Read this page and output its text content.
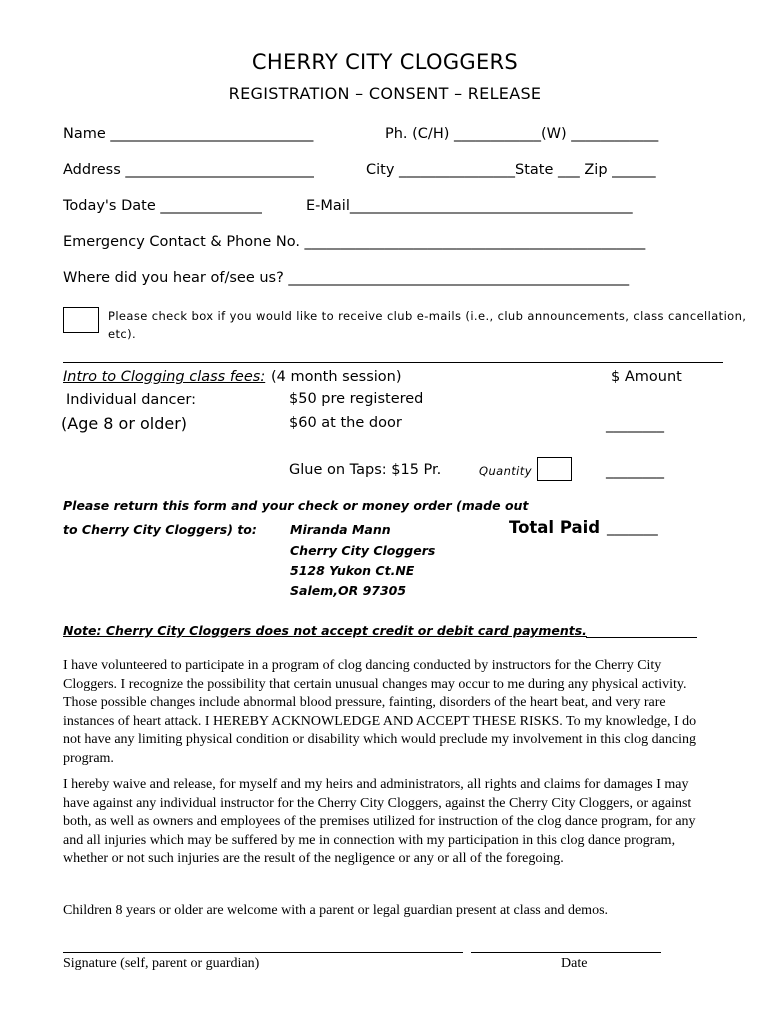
CHERRY CITY CLOGGERS
REGISTRATION – CONSENT – RELEASE
Name ____________________________	Ph. (C/H) ____________(W) ____________
Address __________________________	City ________________State ___ Zip ______
Today's Date ______________	E-Mail_______________________________________
Emergency Contact & Phone No. _______________________________________________
Where did you hear of/see us? _______________________________________________
Please check box if you would like to receive club e-mails (i.e., club announcements, class cancellation,
etc).
Intro to Clogging class fees: (4 month session)	$ Amount
Individual dancer:	$50 pre registered
(Age 8 or older)	$60 at the door	________
Glue on Taps: $15 Pr.	Quantity	________
Please return this form and your check or money order (made out
to Cherry City Cloggers) to:	Miranda Mann
Cherry City Cloggers
5128 Yukon Ct.NE
Salem,OR 97305
Total Paid _______
Note: Cherry City Cloggers does not accept credit or debit card payments.
I have volunteered to participate in a program of clog dancing conducted by instructors for the Cherry City Cloggers. I recognize the possibility that certain unusual changes may occur to me during any physical activity. Those possible changes include abnormal blood pressure, fainting, disorders of the heart beat, and very rare instances of heart attack. I HEREBY ACKNOWLEDGE AND ACCEPT THESE RISKS. To my knowledge, I do not have any limiting physical condition or disability which would preclude my involvement in this clog dancing program.
I hereby waive and release, for myself and my heirs and administrators, all rights and claims for damages I may have against any individual instructor for the Cherry City Cloggers, against the Cherry City Cloggers, or against both, as well as owners and employees of the premises utilized for instruction of the clog dance program, for any and all injuries which may be suffered by me in connection with my participation in this clog dance program, whether or not such injuries are the result of the negligence or any or all of the foregoing.
Children 8 years or older are welcome with a parent or legal guardian present at class and demos.
Signature (self, parent or guardian)	Date
